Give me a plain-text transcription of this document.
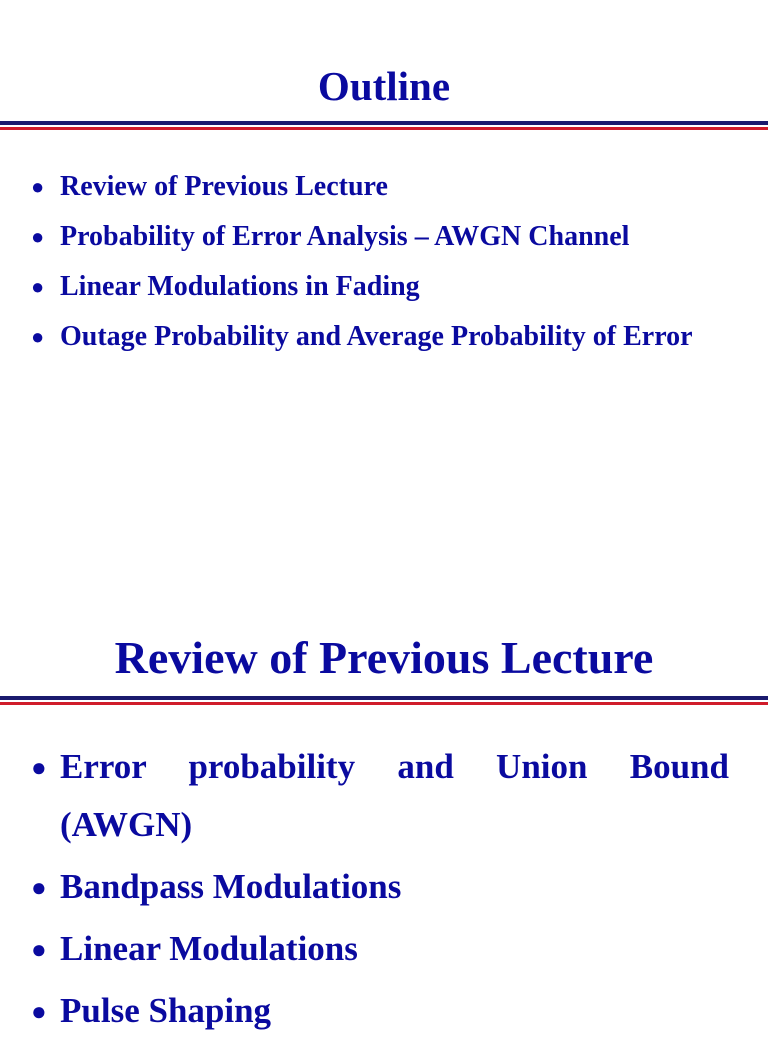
Outline
● Review of Previous Lecture
● Probability of Error Analysis – AWGN Channel
● Linear Modulations in Fading
● Outage Probability and Average Probability of Error
Review of Previous Lecture
● Error probability and Union Bound (AWGN)
● Bandpass Modulations
● Linear Modulations
● Pulse Shaping
